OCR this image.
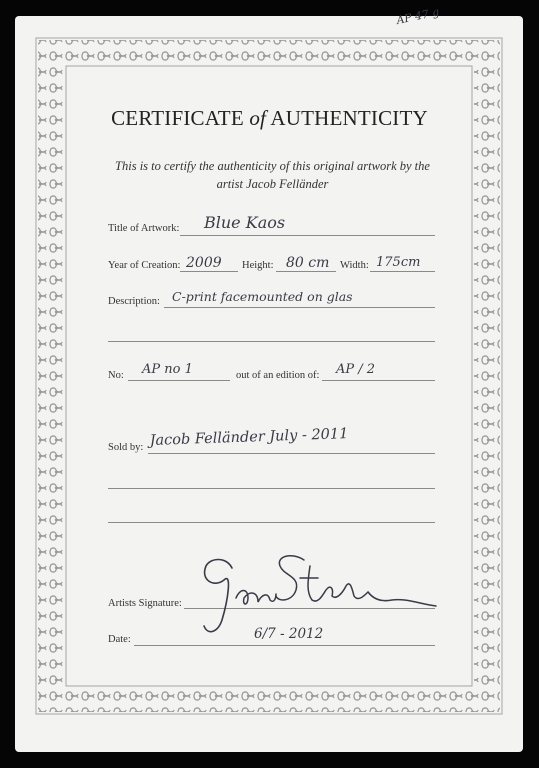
AP 47 g
CERTIFICATE of AUTHENTICITY
This is to certify the authenticity of this original artwork by the
artist Jacob Felländer
Title of Artwork: Blue Kaos
Year of Creation: 2009 Height: 80 cm Width: 175cm
Description: C-print facemounted on glas
No: AP no 1	out of an edition of: AP / 2
Sold by: Jacob Felländer July - 2011
Artists Signature:
Date:	6/7 - 2012
